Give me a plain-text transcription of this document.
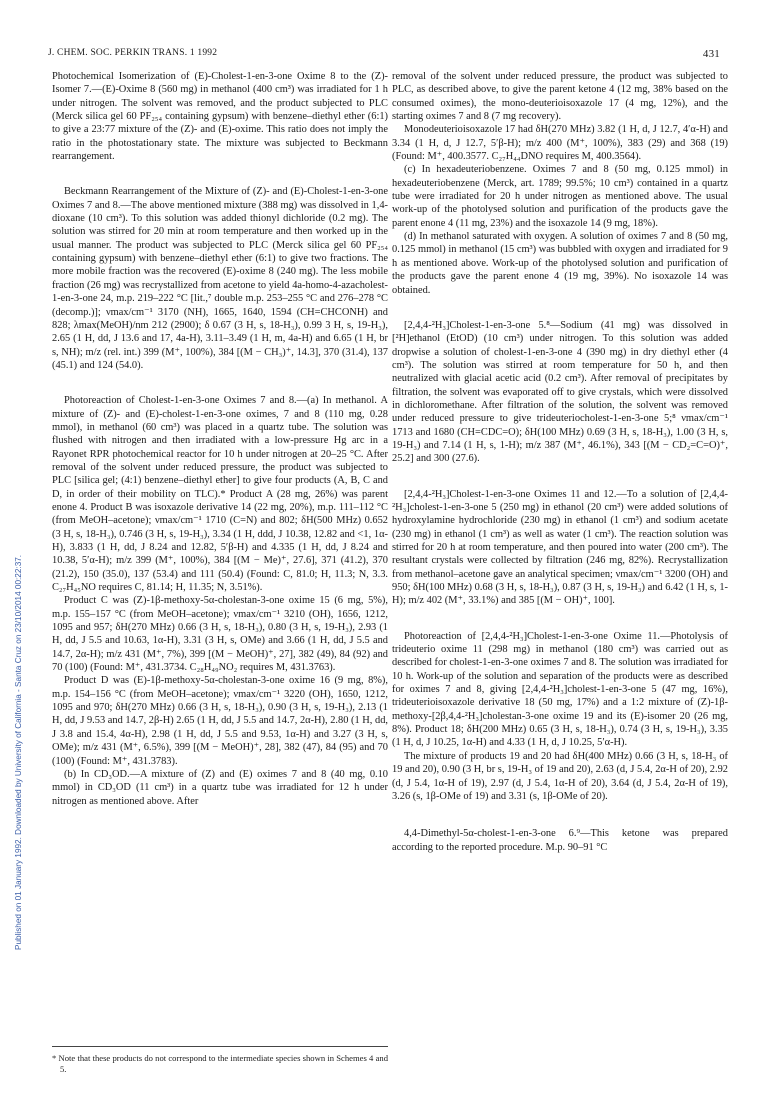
J. CHEM. SOC. PERKIN TRANS. 1 1992	431
Published on 01 January 1992. Downloaded by University of California - Santa Cruz on 23/10/2014 00:22:37.

Photochemical Isomerization of (E)-Cholest-1-en-3-one Oxime 8 to the (Z)-Isomer 7.—(E)-Oxime 8 (560 mg) in methanol (400 cm³) was irradiated for 1 h under nitrogen. The solvent was removed, and the product subjected to PLC (Merck silica gel 60 PF₂₅₄ containing gypsum) with benzene–diethyl ether (6:1) to give a 23:77 mixture of the (Z)- and (E)-oxime. This ratio does not imply the ratio in the photostationary state. The mixture was subjected to Beckmann rearrangement.

Beckmann Rearrangement of the Mixture of (Z)- and (E)-Cholest-1-en-3-one Oximes 7 and 8.—The above mentioned mixture (388 mg) was dissolved in 1,4-dioxane (10 cm³). To this solution was added thionyl dichloride (0.2 mg). The solution was stirred for 20 min at room temperature and then worked up in the usual manner. The product was subjected to PLC (Merck silica gel 60 PF₂₅₄ containing gypsum) with benzene–diethyl ether (6:1) to give two fractions. The more mobile fraction was the recovered (E)-oxime 8 (240 mg). The less mobile fraction (26 mg) was recrystallized from acetone to yield 4a-homo-4-azacholest-1-en-3-one 24, m.p. 219–222 °C [lit.,⁷ double m.p. 253–255 °C and 276–278 °C (decomp.)]; νmax/cm⁻¹ 3170 (NH), 1665, 1640, 1594 (CH=CHCONH) and 828; λmax(MeOH)/nm 212 (2900); δ 0.67 (3 H, s, 18-H₃), 0.99 3 H, s, 19-H₃), 2.65 (1 H, dd, J 13.6 and 17, 4a-H), 3.11–3.49 (1 H, m, 4a-H) and 6.65 (1 H, br s, NH); m/z (rel. int.) 399 (M⁺, 100%), 384 [(M − CH₃)⁺, 14.3], 370 (31.4), 137 (45.1) and 124 (54.0).

Photoreaction of Cholest-1-en-3-one Oximes 7 and 8.—(a) In methanol. A mixture of (Z)- and (E)-cholest-1-en-3-one oximes, 7 and 8 (110 mg, 0.28 mmol), in methanol (60 cm³) was placed in a quartz tube. The solution was flushed with nitrogen and then irradiated with a low-pressure Hg arc in a Rayonet RPR photochemical reactor for 10 h under nitrogen at 20–25 °C. After removal of the solvent under reduced pressure, the product was subjected to PLC [silica gel; (4:1) benzene–diethyl ether] to give four products (A, B, C and D, in order of their mobility on TLC).* Product A (28 mg, 26%) was parent enone 4. Product B was isoxazole derivative 14 (22 mg, 20%), m.p. 111–112 °C (from MeOH–acetone); νmax/cm⁻¹ 1710 (C=N) and 802; δH(500 MHz) 0.652 (3 H, s, 18-H₃), 0.746 (3 H, s, 19-H₃), 3.34 (1 H, ddd, J 10.38, 12.82 and <1, 1α-H), 3.833 (1 H, dd, J 8.24 and 12.82, 5′β-H) and 4.335 (1 H, dd, J 8.24 and 10.38, 5′α-H); m/z 399 (M⁺, 100%), 384 [(M − Me)⁺, 27.6], 371 (41.2), 370 (21.2), 150 (35.0), 137 (53.4) and 111 (50.4) (Found: C, 81.0; H, 11.3; N, 3.3. C₂₇H₄₅NO requires C, 81.14; H, 11.35; N, 3.51%).

Product C was (Z)-1β-methoxy-5α-cholestan-3-one oxime 15 (6 mg, 5%), m.p. 155–157 °C (from MeOH–acetone); νmax/cm⁻¹ 3210 (OH), 1656, 1212, 1095 and 957; δH(270 MHz) 0.66 (3 H, s, 18-H₃), 0.80 (3 H, s, 19-H₃), 2.93 (1 H, dd, J 5.5 and 10.63, 1α-H), 3.31 (3 H, s, OMe) and 3.66 (1 H, dd, J 5.5 and 14.7, 2α-H); m/z 431 (M⁺, 7%), 399 [(M − MeOH)⁺, 27], 382 (49), 84 (92) and 70 (100) (Found: M⁺, 431.3734. C₂₈H₄₉NO₂ requires M, 431.3763).

Product D was (E)-1β-methoxy-5α-cholestan-3-one oxime 16 (9 mg, 8%), m.p. 154–156 °C (from MeOH–acetone); νmax/cm⁻¹ 3220 (OH), 1650, 1212, 1095 and 970; δH(270 MHz) 0.66 (3 H, s, 18-H₃), 0.90 (3 H, s, 19-H₃), 2.13 (1 H, dd, J 9.53 and 14.7, 2β-H) 2.65 (1 H, dd, J 5.5 and 14.7, 2α-H), 2.80 (1 H, dd, J 3.8 and 15.4, 4α-H), 2.98 (1 H, dd, J 5.5 and 9.53, 1α-H) and 3.27 (3 H, s, OMe); m/z 431 (M⁺, 6.5%), 399 [(M − MeOH)⁺, 28], 382 (47), 84 (95) and 70 (100) (Found: M⁺, 431.3783).

(b) In CD₃OD.—A mixture of (Z) and (E) oximes 7 and 8 (40 mg, 0.10 mmol) in CD₃OD (11 cm³) in a quartz tube was irradiated for 12 h under nitrogen as mentioned above. After

* Note that these products do not correspond to the intermediate species shown in Schemes 4 and 5.

removal of the solvent under reduced pressure, the product was subjected to PLC, as described above, to give the parent ketone 4 (12 mg, 38% based on the consumed oximes), the mono-deuterioisoxazole 17 (4 mg, 12%), and the starting oximes 7 and 8 (7 mg recovery).

Monodeuterioisoxazole 17 had δH(270 MHz) 3.82 (1 H, d, J 12.7, 4′α-H) and 3.34 (1 H, d, J 12.7, 5′β-H); m/z 400 (M⁺, 100%), 383 (29) and 368 (19) (Found: M⁺, 400.3577. C₂₇H₄₄DNO requires M, 400.3564).

(c) In hexadeuteriobenzene. Oximes 7 and 8 (50 mg, 0.125 mmol) in hexadeuteriobenzene (Merck, art. 1789; 99.5%; 10 cm³) contained in a quartz tube were irradiated for 20 h under nitrogen as mentioned above. The usual work-up of the photolysed solution and purification of the products gave the parent enone 4 (11 mg, 23%) and the isoxazole 14 (9 mg, 18%).

(d) In methanol saturated with oxygen. A solution of oximes 7 and 8 (50 mg, 0.125 mmol) in methanol (15 cm³) was bubbled with oxygen and irradiated for 9 h as mentioned above. Work-up of the photolysed solution and purification of the products gave the parent enone 4 (19 mg, 39%). No isoxazole 14 was obtained.

[2,4,4-²H₃]Cholest-1-en-3-one 5.⁸—Sodium (41 mg) was dissolved in [²H]ethanol (EtOD) (10 cm³) under nitrogen. To this solution was added dropwise a solution of cholest-1-en-3-one 4 (390 mg) in dry diethyl ether (4 cm³). The solution was stirred at room temperature for 50 h, and then neutralized with glacial acetic acid (0.2 cm³). After removal of precipitates by filtration, the solvent was evaporated off to give crystals, which were dissolved in dichloromethane. After filtration of the solution, the solvent was removed under reduced pressure to give trideuteriocholest-1-en-3-one 5;⁸ νmax/cm⁻¹ 1713 and 1680 (CH=CDC=O); δH(100 MHz) 0.69 (3 H, s, 18-H₃), 1.00 (3 H, s, 19-H₃) and 7.14 (1 H, s, 1-H); m/z 387 (M⁺, 46.1%), 343 [(M − CD₂=C=O)⁺, 25.2] and 300 (27.6).

[2,4,4-²H₃]Cholest-1-en-3-one Oximes 11 and 12.—To a solution of [2,4,4-²H₃]cholest-1-en-3-one 5 (250 mg) in ethanol (20 cm³) were added solutions of hydroxylamine hydrochloride (230 mg) in ethanol (1 cm³) and sodium acetate (230 mg) in ethanol (1 cm³) as well as water (1 cm³). The reaction solution was stirred for 20 h at room temperature, and then poured into water (200 cm³). The resultant crystals were collected by filtration (246 mg, 82%). Recrystallization from methanol–acetone gave an analytical specimen; νmax/cm⁻¹ 3200 (OH) and 950; δH(100 MHz) 0.68 (3 H, s, 18-H₃), 0.87 (3 H, s, 19-H₃) and 6.42 (1 H, s, 1-H); m/z 402 (M⁺, 33.1%) and 385 [(M − OH)⁺, 100].

Photoreaction of [2,4,4-²H₃]Cholest-1-en-3-one Oxime 11.—Photolysis of trideuterio oxime 11 (298 mg) in methanol (180 cm³) was carried out as described for cholest-1-en-3-one oximes 7 and 8. The solution was irradiated for 10 h. Work-up of the solution and separation of the products were as described for oximes 7 and 8, giving [2,4,4-²H₃]cholest-1-en-3-one 5 (47 mg, 16%), trideuterioisoxazole derivative 18 (50 mg, 17%) and a 1:2 mixture of (Z)-1β-methoxy-[2β,4,4-²H₃]cholestan-3-one oxime 19 and its (E)-isomer 20 (26 mg, 8%). Product 18; δH(200 MHz) 0.65 (3 H, s, 18-H₃), 0.74 (3 H, s, 19-H₃), 3.35 (1 H, d, J 10.25, 1α-H) and 4.33 (1 H, d, J 10.25, 5′α-H).

The mixture of products 19 and 20 had δH(400 MHz) 0.66 (3 H, s, 18-H₃ of 19 and 20), 0.90 (3 H, br s, 19-H₃ of 19 and 20), 2.63 (d, J 5.4, 2α-H of 20), 2.92 (d, J 5.4, 1α-H of 19), 2.97 (d, J 5.4, 1α-H of 20), 3.64 (d, J 5.4, 2α-H of 19), 3.26 (s, 1β-OMe of 19) and 3.31 (s, 1β-OMe of 20).

4,4-Dimethyl-5α-cholest-1-en-3-one 6.⁹—This ketone was prepared according to the reported procedure. M.p. 90–91 °C
